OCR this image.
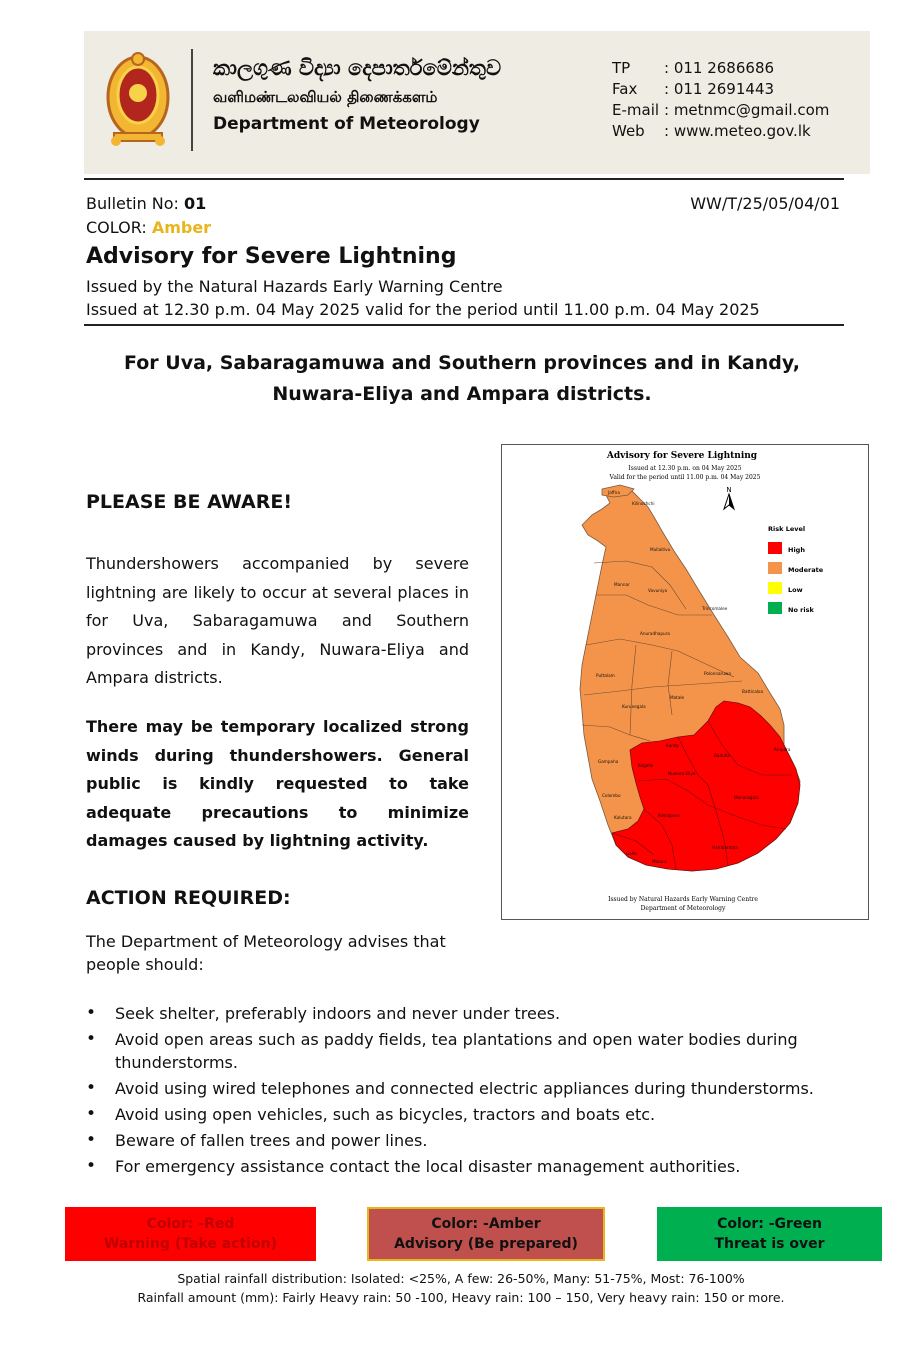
කාලගුණ විද්‍යා දෙපාර්තමේන්තුව
வளிமண்டலவியல் திணைக்களம்
Department of Meteorology
TP	: 011 2686686
Fax	: 011 2691443
E-mail : metnmc@gmail.com
Web	: www.meteo.gov.lk
Bulletin No: 01	WW/T/25/05/04/01
COLOR: Amber
Advisory for Severe Lightning
Issued by the Natural Hazards Early Warning Centre
Issued at 12.30 p.m. 04 May 2025 valid for the period until 11.00 p.m. 04 May 2025
For Uva, Sabaragamuwa and Southern provinces and in Kandy, Nuwara-Eliya and Ampara districts.
PLEASE BE AWARE!
Thundershowers accompanied by severe lightning are likely to occur at several places in for Uva, Sabaragamuwa and Southern provinces and in Kandy, Nuwara-Eliya and Ampara districts.
There may be temporary localized strong winds during thundershowers. General public is kindly requested to take adequate precautions to minimize damages caused by lightning activity.
ACTION REQUIRED:
The Department of Meteorology advises that people should:
• Seek shelter, preferably indoors and never under trees.
• Avoid open areas such as paddy fields, tea plantations and open water bodies during thunderstorms.
• Avoid using wired telephones and connected electric appliances during thunderstorms.
• Avoid using open vehicles, such as bicycles, tractors and boats etc.
• Beware of fallen trees and power lines.
• For emergency assistance contact the local disaster management authorities.
Advisory for Severe Lightning
Issued at 12.30 p.m. on 04 May 2025
Valid for the period until 11.00 p.m. 04 May 2025
N
Jaffna
Kilinochchi
Mullaitivu
Mannar
Vavuniya
Trincomalee
Anuradhapura
Polonnaruwa
Puttalam
Batticaloa
Kurunegala
Matale
Ampara
Kandy
Badulla
Gampaha
Nuwara Eliya
Kegalle
Colombo	Monaragala
Ratnapura
Kalutara
Galle
Matara
Hambantota
Risk Level
High
Moderate
Low
No risk
Issued by Natural Hazards Early Warning Centre
Department of Meteorology
Color: -Red
Warning (Take action)
Color: -Amber
Advisory (Be prepared)
Color: -Green
Threat is over
Spatial rainfall distribution: Isolated: <25%, A few: 26-50%, Many: 51-75%, Most: 76-100%
Rainfall amount (mm): Fairly Heavy rain: 50 -100, Heavy rain: 100 – 150, Very heavy rain: 150 or more.
